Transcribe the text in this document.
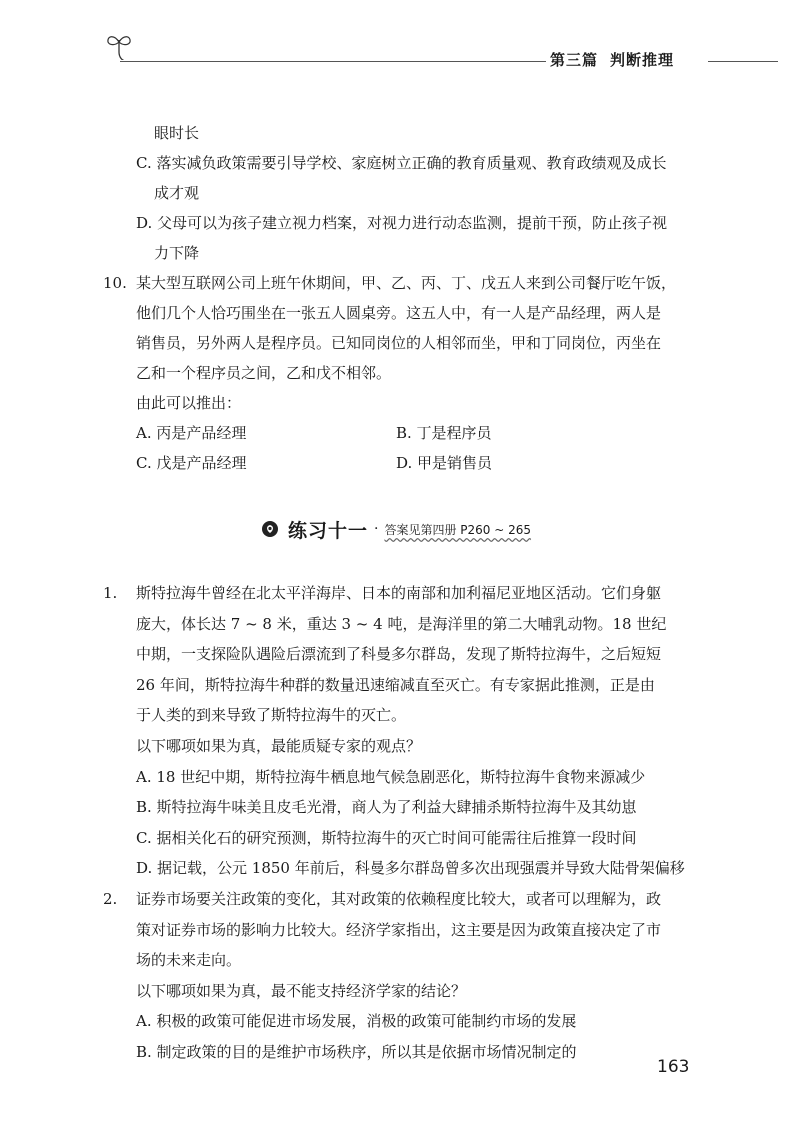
第三篇 判断推理
眼时长
C. 落实减负政策需要引导学校、家庭树立正确的教育质量观、教育政绩观及成长
成才观
D. 父母可以为孩子建立视力档案，对视力进行动态监测，提前干预，防止孩子视
力下降
10. 某大型互联网公司上班午休期间，甲、乙、丙、丁、戊五人来到公司餐厅吃午饭，
他们几个人恰巧围坐在一张五人圆桌旁。这五人中，有一人是产品经理，两人是
销售员，另外两人是程序员。已知同岗位的人相邻而坐，甲和丁同岗位，丙坐在
乙和一个程序员之间，乙和戊不相邻。
由此可以推出：
A. 丙是产品经理	B. 丁是程序员
C. 戊是产品经理	D. 甲是销售员
练习十一 · 答案见第四册 P260 ~ 265
1. 斯特拉海牛曾经在北太平洋海岸、日本的南部和加利福尼亚地区活动。它们身躯
庞大，体长达 7 ~ 8 米，重达 3 ~ 4 吨，是海洋里的第二大哺乳动物。18 世纪
中期，一支探险队遇险后漂流到了科曼多尔群岛，发现了斯特拉海牛，之后短短
26 年间，斯特拉海牛种群的数量迅速缩减直至灭亡。有专家据此推测，正是由
于人类的到来导致了斯特拉海牛的灭亡。
以下哪项如果为真，最能质疑专家的观点？
A. 18 世纪中期，斯特拉海牛栖息地气候急剧恶化，斯特拉海牛食物来源减少
B. 斯特拉海牛味美且皮毛光滑，商人为了利益大肆捕杀斯特拉海牛及其幼崽
C. 据相关化石的研究预测，斯特拉海牛的灭亡时间可能需往后推算一段时间
D. 据记载，公元 1850 年前后，科曼多尔群岛曾多次出现强震并导致大陆骨架偏移
2. 证券市场要关注政策的变化，其对政策的依赖程度比较大，或者可以理解为，政
策对证券市场的影响力比较大。经济学家指出，这主要是因为政策直接决定了市
场的未来走向。
以下哪项如果为真，最不能支持经济学家的结论？
A. 积极的政策可能促进市场发展，消极的政策可能制约市场的发展
B. 制定政策的目的是维护市场秩序，所以其是依据市场情况制定的
163
